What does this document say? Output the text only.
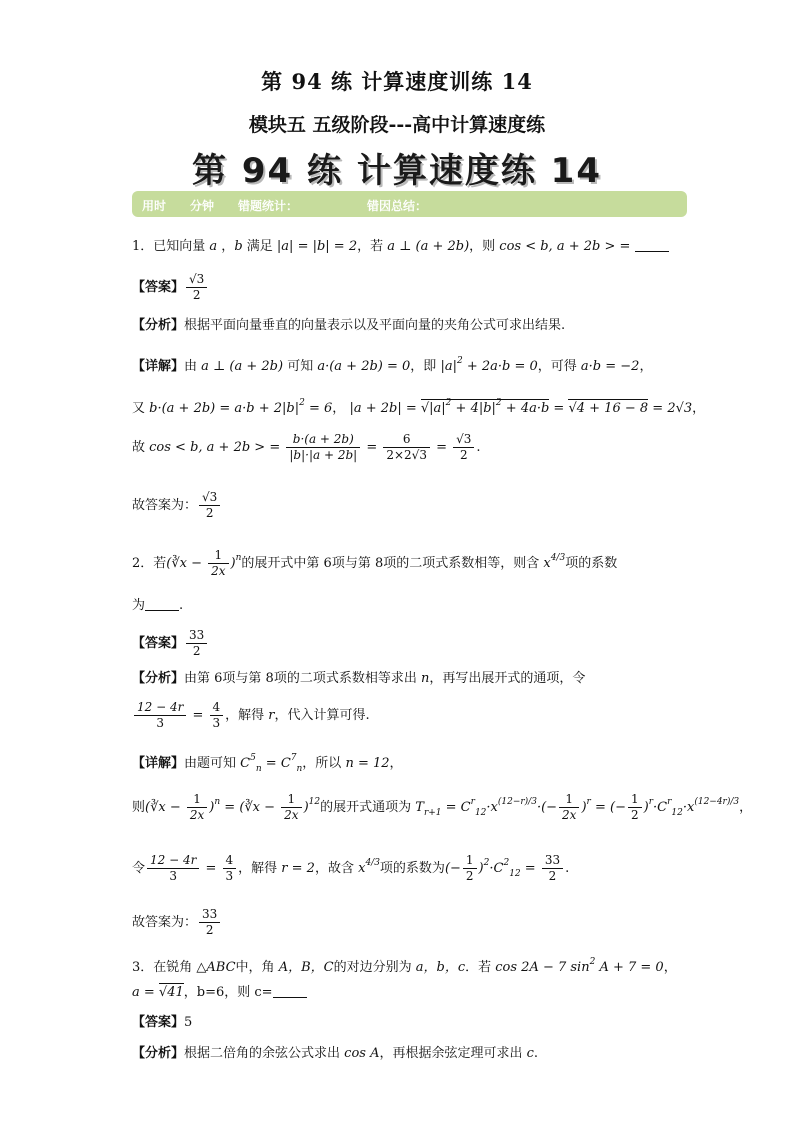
第 94 练 计算速度训练 14
模块五 五级阶段---高中计算速度练
第 94 练 计算速度练 14
用时 分钟 错题统计：	错因总结：
1．已知向量 a ，b 满足 |a| = |b| = 2，若 a ⊥ (a + 2b)，则 cos < b, a + 2b > =
【答案】 $\frac{√3}{2}$
【分析】根据平面向量垂直的向量表示以及平面向量的夹角公式可求出结果.
【详解】由 a ⊥ (a + 2b) 可知 a·(a + 2b) = 0，即 $|a|^2 + 2a\cdot b = 0$，可得 a·b = −2，
又 $b\cdot(a + 2b) = a\cdot b + 2|b|^2 = 6$， $|a + 2b| = √|a|^2 + 4|b|^2 + 4a\cdot b = √4 + 16 - 8 = 2√3$，
故 cos < b, a + 2b > = $\frac{b\cdot(a + 2b)}{|b|\cdot|a + 2b|} = \frac{6}{2\times 2√3} = \frac{√3}{2}$ .
故答案为： $\frac{√3}{2}$
2．若(∛x − $\frac{1}{2x} )^n$的展开式中第 6项与第 8项的二项式系数相等，则含 $x^{4/3}$项的系数
为	.
【答案】 $\frac{33}{2}$
【分析】由第 6项与第 8项的二项式系数相等求出 n，再写出展开式的通项，令
$\frac{12 - 4r}{3} = \frac{4}{3}$ ，解得 r，代入计算可得.
【详解】由题可知 $C^5_n = C^7_n$，所以 n = 12，
则(∛x − $\frac{1}{2x} )^n$ = (∛x − $\frac{1}{2x} )^{12}$的展开式通项为 $T_{r+1} = C^r_{12}\cdot x^{(12-r)/3}\cdot(- \frac{1}{2x} )^r$ = (− $\frac{1}{2} )^r\cdot C^r_{12}\cdot x^{(12-4r)/3}$，
令 $\frac{12 - 4r}{3} = \frac{4}{3}$ ，解得 r = 2，故含 $x^{4/3}$项的系数为(− $\frac{1}{2} )^2\cdot C^2_{12} = \frac{33}{2}$ .
故答案为： $\frac{33}{2}$
3．在锐角 △ABC中，角 A，B，C的对边分别为 a，b，c．若 cos 2A − 7 $\sin^2 A + 7 = 0$，
a = √41，b=6，则 c=
【答案】5
【分析】根据二倍角的余弦公式求出 cos A，再根据余弦定理可求出 c.
